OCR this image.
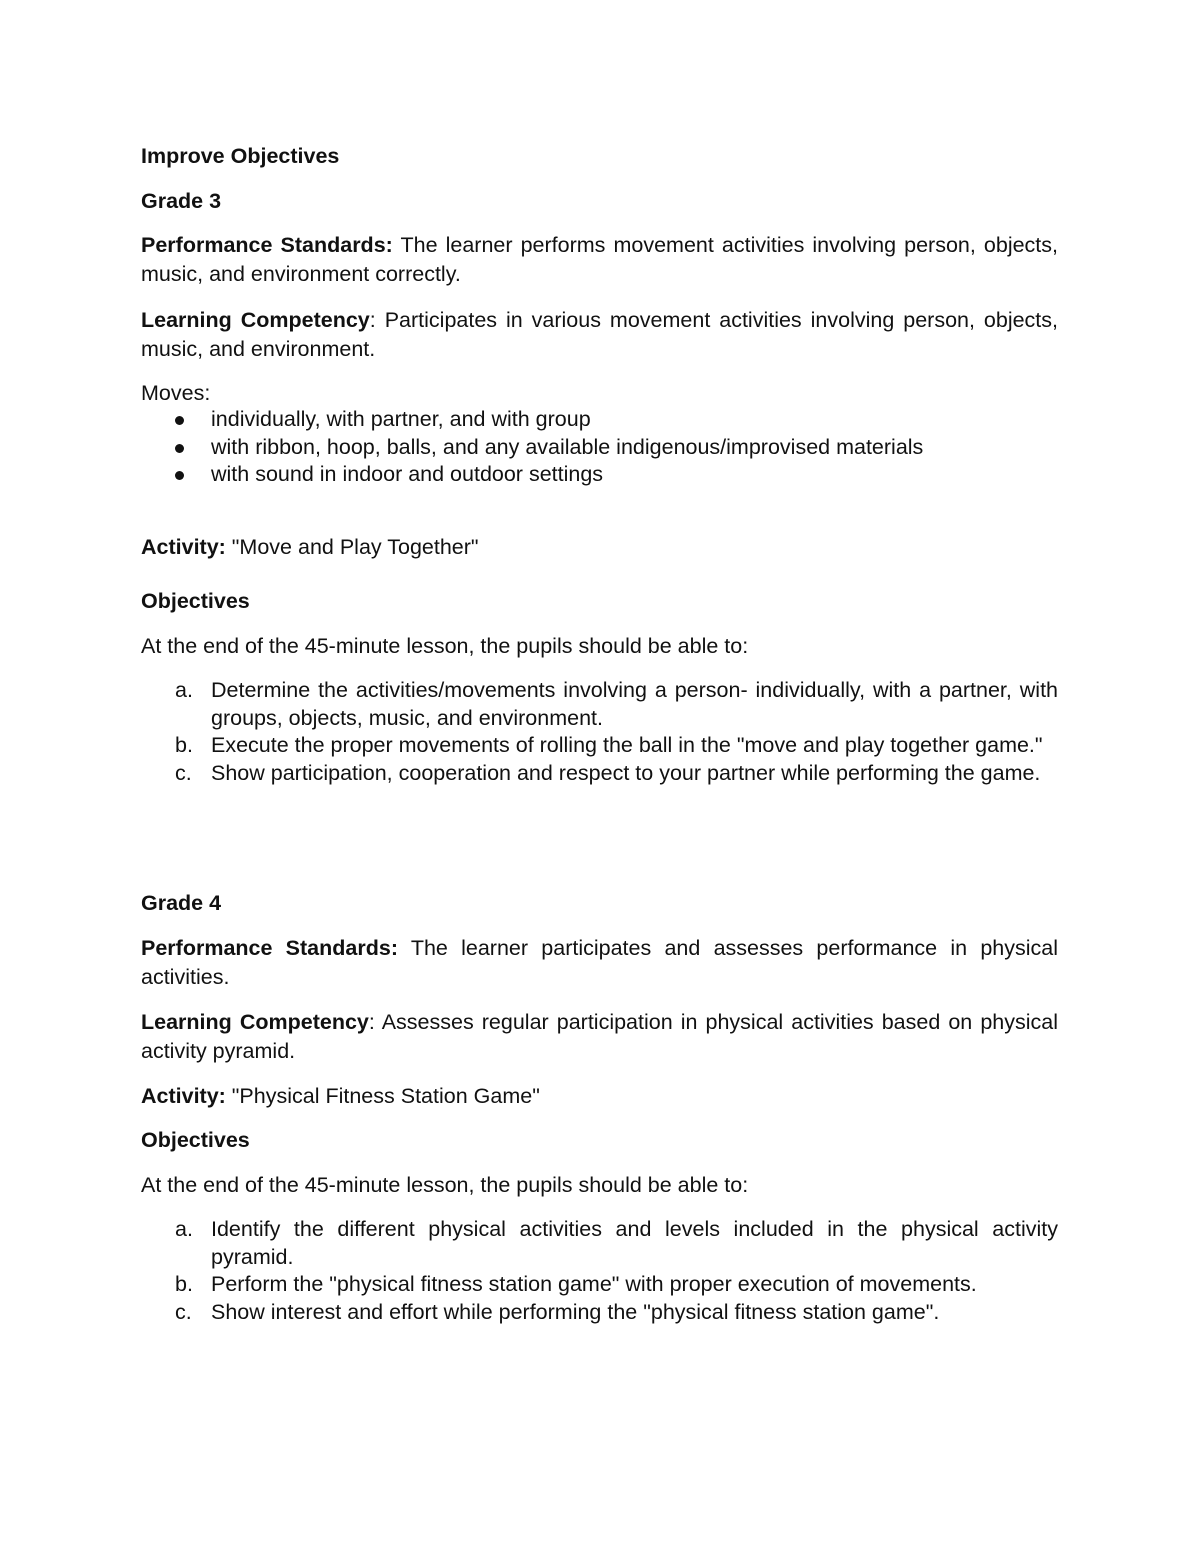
Improve Objectives

Grade 3

Performance Standards: The learner performs movement activities involving person, objects, music, and environment correctly.

Learning Competency: Participates in various movement activities involving person, objects, music, and environment.

Moves:

individually, with partner, and with group
with ribbon, hoop, balls, and any available indigenous/improvised materials
with sound in indoor and outdoor settings

Activity: "Move and Play Together"

Objectives

At the end of the 45-minute lesson, the pupils should be able to:

a. Determine the activities/movements involving a person- individually, with a partner, with groups, objects, music, and environment.
b. Execute the proper movements of rolling the ball in the "move and play together game."
c. Show participation, cooperation and respect to your partner while performing the game.

Grade 4

Performance Standards: The learner participates and assesses performance in physical activities.

Learning Competency: Assesses regular participation in physical activities based on physical activity pyramid.

Activity: "Physical Fitness Station Game"

Objectives

At the end of the 45-minute lesson, the pupils should be able to:

a. Identify the different physical activities and levels included in the physical activity pyramid.
b. Perform the "physical fitness station game" with proper execution of movements.
c. Show interest and effort while performing the "physical fitness station game".
